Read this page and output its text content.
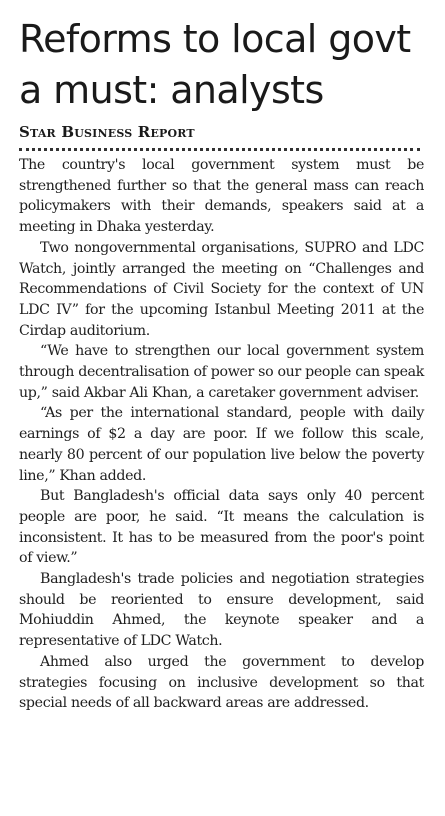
Reforms to local govt
a must: analysts
Star Business Report

The country's local government system must be strengthened further so that the general mass can reach policymakers with their demands, speakers said at a meeting in Dhaka yesterday.

Two nongovernmental organisations, SUPRO and LDC Watch, jointly arranged the meeting on “Challenges and Recommendations of Civil Society for the context of UN LDC IV” for the upcoming Istanbul Meeting 2011 at the Cirdap auditorium.

“We have to strengthen our local government system through decentralisation of power so our people can speak up,” said Akbar Ali Khan, a caretaker government adviser.

“As per the international standard, people with daily earnings of $2 a day are poor. If we follow this scale, nearly 80 percent of our population live below the poverty line,” Khan added.

But Bangladesh's official data says only 40 percent people are poor, he said. “It means the calculation is inconsistent. It has to be measured from the poor's point of view.”

Bangladesh's trade policies and negotiation strategies should be reoriented to ensure development, said Mohiuddin Ahmed, the keynote speaker and a representative of LDC Watch.

Ahmed also urged the government to develop strategies focusing on inclusive development so that special needs of all backward areas are addressed.
